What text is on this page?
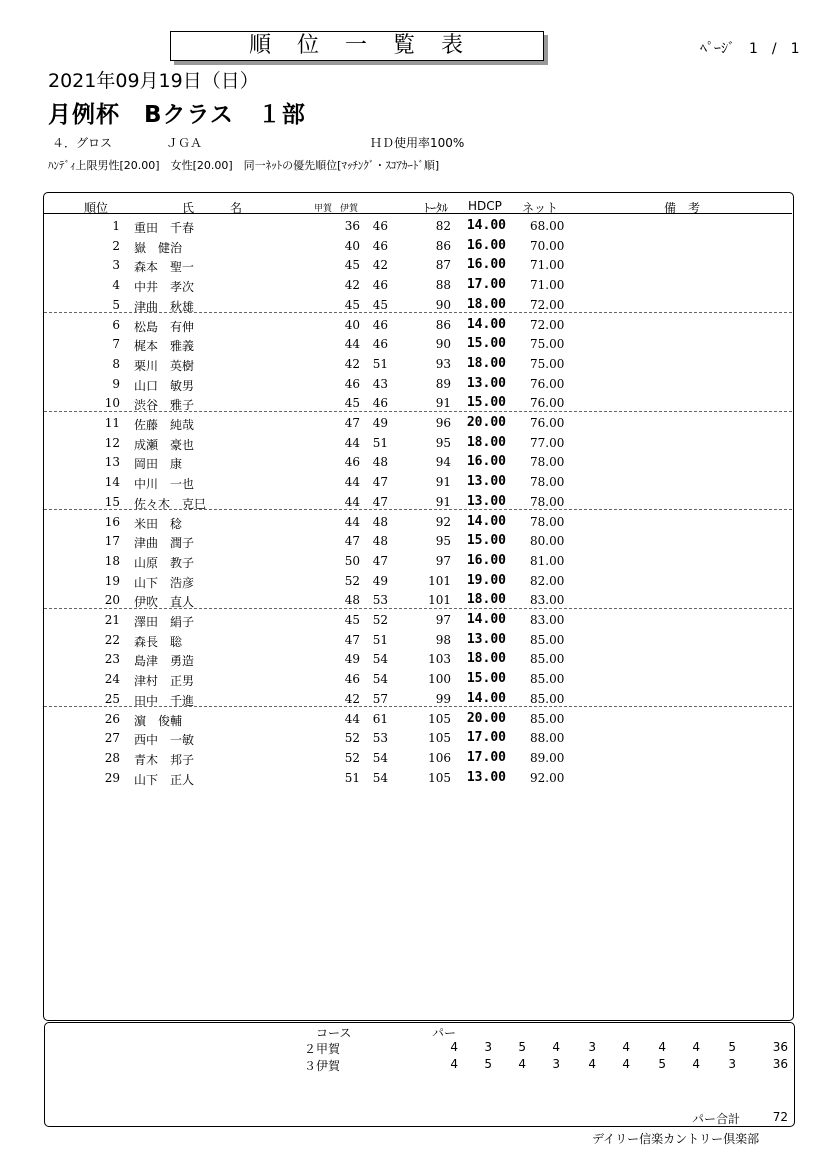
順　位　一　覧　表	ﾍﾟｰｼﾞ　1　/　1
2021年09月19日（日）
月例杯　Bクラス　１部
４．グロス	ＪＧＡ	ＨＤ使用率100%
ﾊﾝﾃﾞｨ上限男性[20.00]　女性[20.00]　同一ﾈｯﾄの優先順位[ﾏｯﾁﾝｸﾞ・ｽｺｱｶｰﾄﾞ順]
順位	氏　　　名	甲賀 伊賀	ﾄｰﾀﾙ HDCP ネット	備　考
1 重田　千春	36 46	82 14.00 68.00
2 嶽　健治	40 46	86 16.00 70.00
3 森本　聖一	45 42	87 16.00 71.00
4 中井　孝次	42 46	88 17.00 71.00
5 津曲　秋雄	45 45	90 18.00 72.00
6 松島　有伸	40 46	86 14.00 72.00
7 梶本　雅義	44 46	90 15.00 75.00
8 栗川　英樹	42 51	93 18.00 75.00
9 山口　敏男	46 43	89 13.00 76.00
10 渋谷　雅子	45 46	91 15.00 76.00
11 佐藤　純哉	47 49	96 20.00 76.00
12 成瀬　豪也	44 51	95 18.00 77.00
13 岡田　康	46 48	94 16.00 78.00
14 中川　一也	44 47	91 13.00 78.00
15 佐々木　克巳	44 47	91 13.00 78.00
16 米田　稔	44 48	92 14.00 78.00
17 津曲　潤子	47 48	95 15.00 80.00
18 山原　教子	50 47	97 16.00 81.00
19 山下　浩彦	52 49	101 19.00 82.00
20 伊吹　直人	48 53	101 18.00 83.00
21 澤田　絹子	45 52	97 14.00 83.00
22 森長　聡	47 51	98 13.00 85.00
23 島津　勇造	49 54	103 18.00 85.00
24 津村　正男	46 54	100 15.00 85.00
25 田中　千進	42 57	99 14.00 85.00
26 濵　俊輔	44 61	105 20.00 85.00
27 西中　一敏	52 53	105 17.00 88.00
28 青木　邦子	52 54	106 17.00 89.00
29 山下　正人	51 54	105 13.00 92.00
コース	パー
２甲賀	4	3	5	4	3	4	4	4	5	36
３伊賀	4	5	4	3	4	4	5	4	3	36
パー合計	72
デイリー信楽カントリー倶楽部
